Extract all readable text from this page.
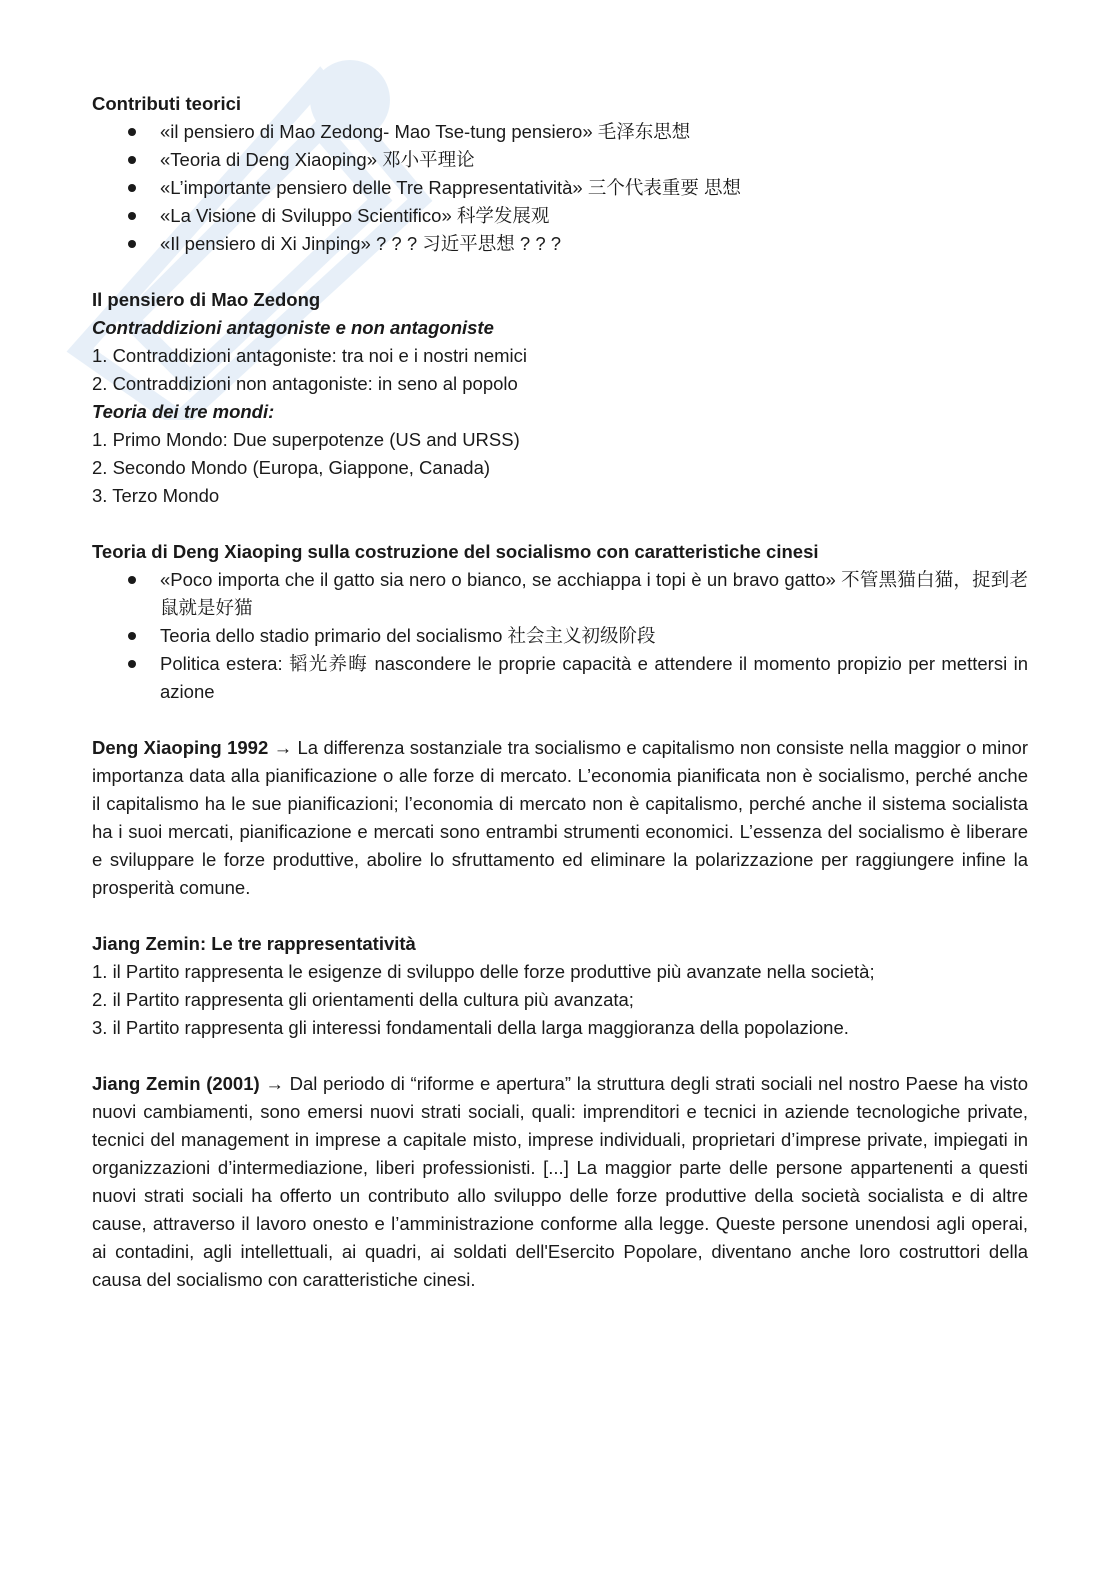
Contributi teorici

«il pensiero di Mao Zedong- Mao Tse-tung pensiero» 毛泽东思想
«Teoria di Deng Xiaoping» 邓小平理论
«L’importante pensiero delle Tre Rappresentatività» 三个代表重要 思想
«La Visione di Sviluppo Scientifico» 科学发展观
«Il pensiero di Xi Jinping» ? ? ? 习近平思想 ? ? ?

Il pensiero di Mao Zedong

Contraddizioni antagoniste e non antagoniste

1. Contraddizioni antagoniste: tra noi e i nostri nemici

2. Contraddizioni non antagoniste: in seno al popolo

Teoria dei tre mondi:

1. Primo Mondo: Due superpotenze (US and URSS)

2. Secondo Mondo (Europa, Giappone, Canada)

3. Terzo Mondo

Teoria di Deng Xiaoping sulla costruzione del socialismo con caratteristiche cinesi

«Poco importa che il gatto sia nero o bianco, se acchiappa i topi è un bravo gatto» 不管黑猫白猫，捉到老鼠就是好猫
Teoria dello stadio primario del socialismo 社会主义初级阶段
Politica estera: 韬光养晦 nascondere le proprie capacità e attendere il momento propizio per mettersi in azione

Deng Xiaoping 1992 → La differenza sostanziale tra socialismo e capitalismo non consiste nella maggior o minor importanza data alla pianificazione o alle forze di mercato. L’economia pianificata non è socialismo, perché anche il capitalismo ha le sue pianificazioni; l’economia di mercato non è capitalismo, perché anche il sistema socialista ha i suoi mercati, pianificazione e mercati sono entrambi strumenti economici. L’essenza del socialismo è liberare e sviluppare le forze produttive, abolire lo sfruttamento ed eliminare la polarizzazione per raggiungere infine la prosperità comune.

Jiang Zemin: Le tre rappresentatività

1. il Partito rappresenta le esigenze di sviluppo delle forze produttive più avanzate nella società;

2. il Partito rappresenta gli orientamenti della cultura più avanzata;

3. il Partito rappresenta gli interessi fondamentali della larga maggioranza della popolazione.

Jiang Zemin (2001) → Dal periodo di “riforme e apertura” la struttura degli strati sociali nel nostro Paese ha visto nuovi cambiamenti, sono emersi nuovi strati sociali, quali: imprenditori e tecnici in aziende tecnologiche private, tecnici del management in imprese a capitale misto, imprese individuali, proprietari d’imprese private, impiegati in organizzazioni d’intermediazione, liberi professionisti. [...] La maggior parte delle persone appartenenti a questi nuovi strati sociali ha offerto un contributo allo sviluppo delle forze produttive della società socialista e di altre cause, attraverso il lavoro onesto e l’amministrazione conforme alla legge. Queste persone unendosi agli operai, ai contadini, agli intellettuali, ai quadri, ai soldati dell'Esercito Popolare, diventano anche loro costruttori della causa del socialismo con caratteristiche cinesi.
